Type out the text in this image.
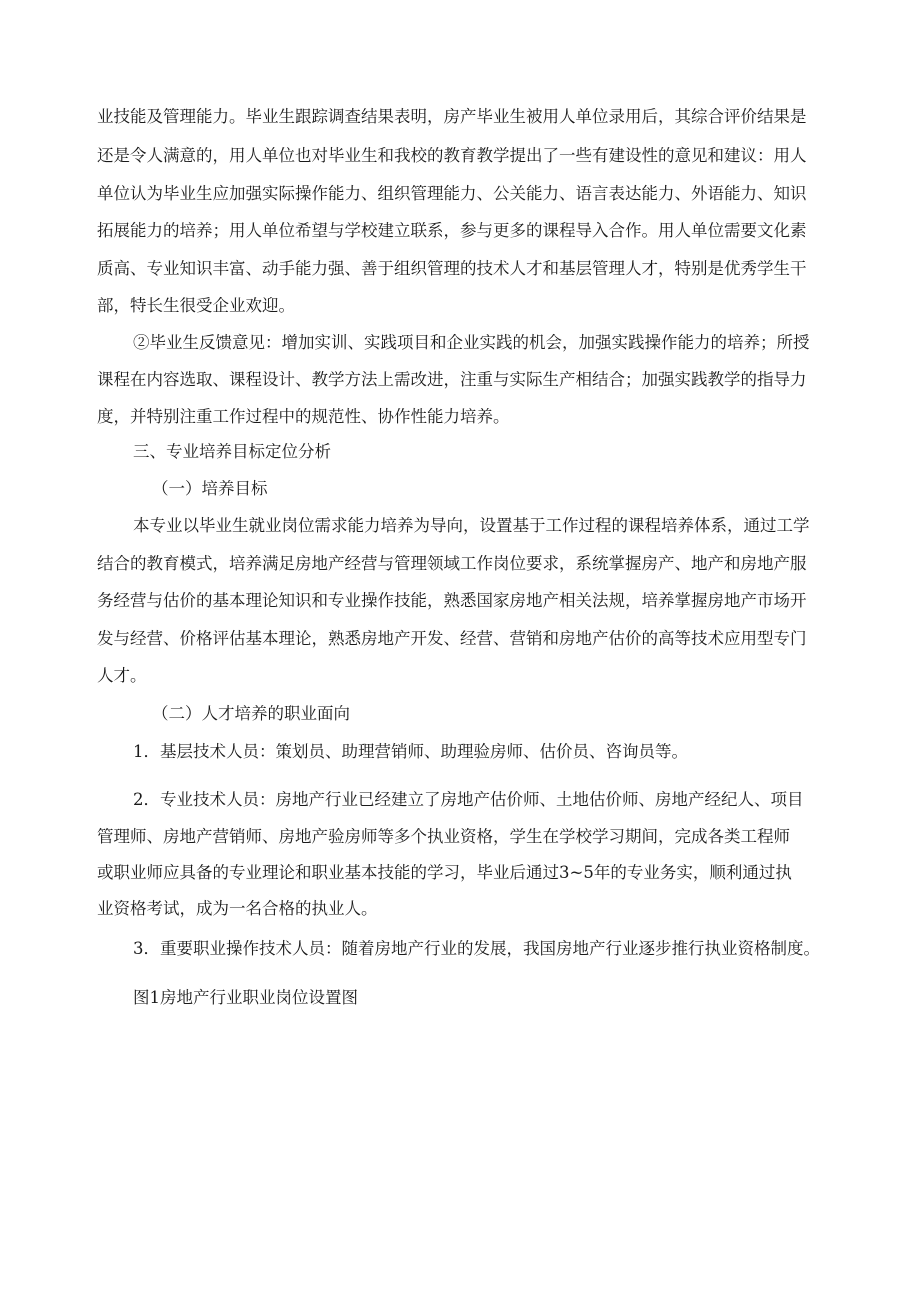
业技能及管理能力。毕业生跟踪调查结果表明，房产毕业生被用人单位录用后，其综合评价结果是
还是令人满意的，用人单位也对毕业生和我校的教育教学提出了一些有建设性的意见和建议：用人
单位认为毕业生应加强实际操作能力、组织管理能力、公关能力、语言表达能力、外语能力、知识
拓展能力的培养；用人单位希望与学校建立联系，参与更多的课程导入合作。用人单位需要文化素
质高、专业知识丰富、动手能力强、善于组织管理的技术人才和基层管理人才，特别是优秀学生干
部，特长生很受企业欢迎。
②毕业生反馈意见：增加实训、实践项目和企业实践的机会，加强实践操作能力的培养；所授
课程在内容选取、课程设计、教学方法上需改进，注重与实际生产相结合；加强实践教学的指导力
度，并特别注重工作过程中的规范性、协作性能力培养。
三、专业培养目标定位分析
（一）培养目标
本专业以毕业生就业岗位需求能力培养为导向，设置基于工作过程的课程培养体系，通过工学
结合的教育模式，培养满足房地产经营与管理领域工作岗位要求，系统掌握房产、地产和房地产服
务经营与估价的基本理论知识和专业操作技能，熟悉国家房地产相关法规，培养掌握房地产市场开
发与经营、价格评估基本理论，熟悉房地产开发、经营、营销和房地产估价的高等技术应用型专门
人才。
（二）人才培养的职业面向
1．基层技术人员：策划员、助理营销师、助理验房师、估价员、咨询员等。
2．专业技术人员：房地产行业已经建立了房地产估价师、土地估价师、房地产经纪人、项目
管理师、房地产营销师、房地产验房师等多个执业资格，学生在学校学习期间，完成各类工程师
或职业师应具备的专业理论和职业基本技能的学习，毕业后通过3~5年的专业务实，顺利通过执
业资格考试，成为一名合格的执业人。
3．重要职业操作技术人员：随着房地产行业的发展，我国房地产行业逐步推行执业资格制度。
图1房地产行业职业岗位设置图
